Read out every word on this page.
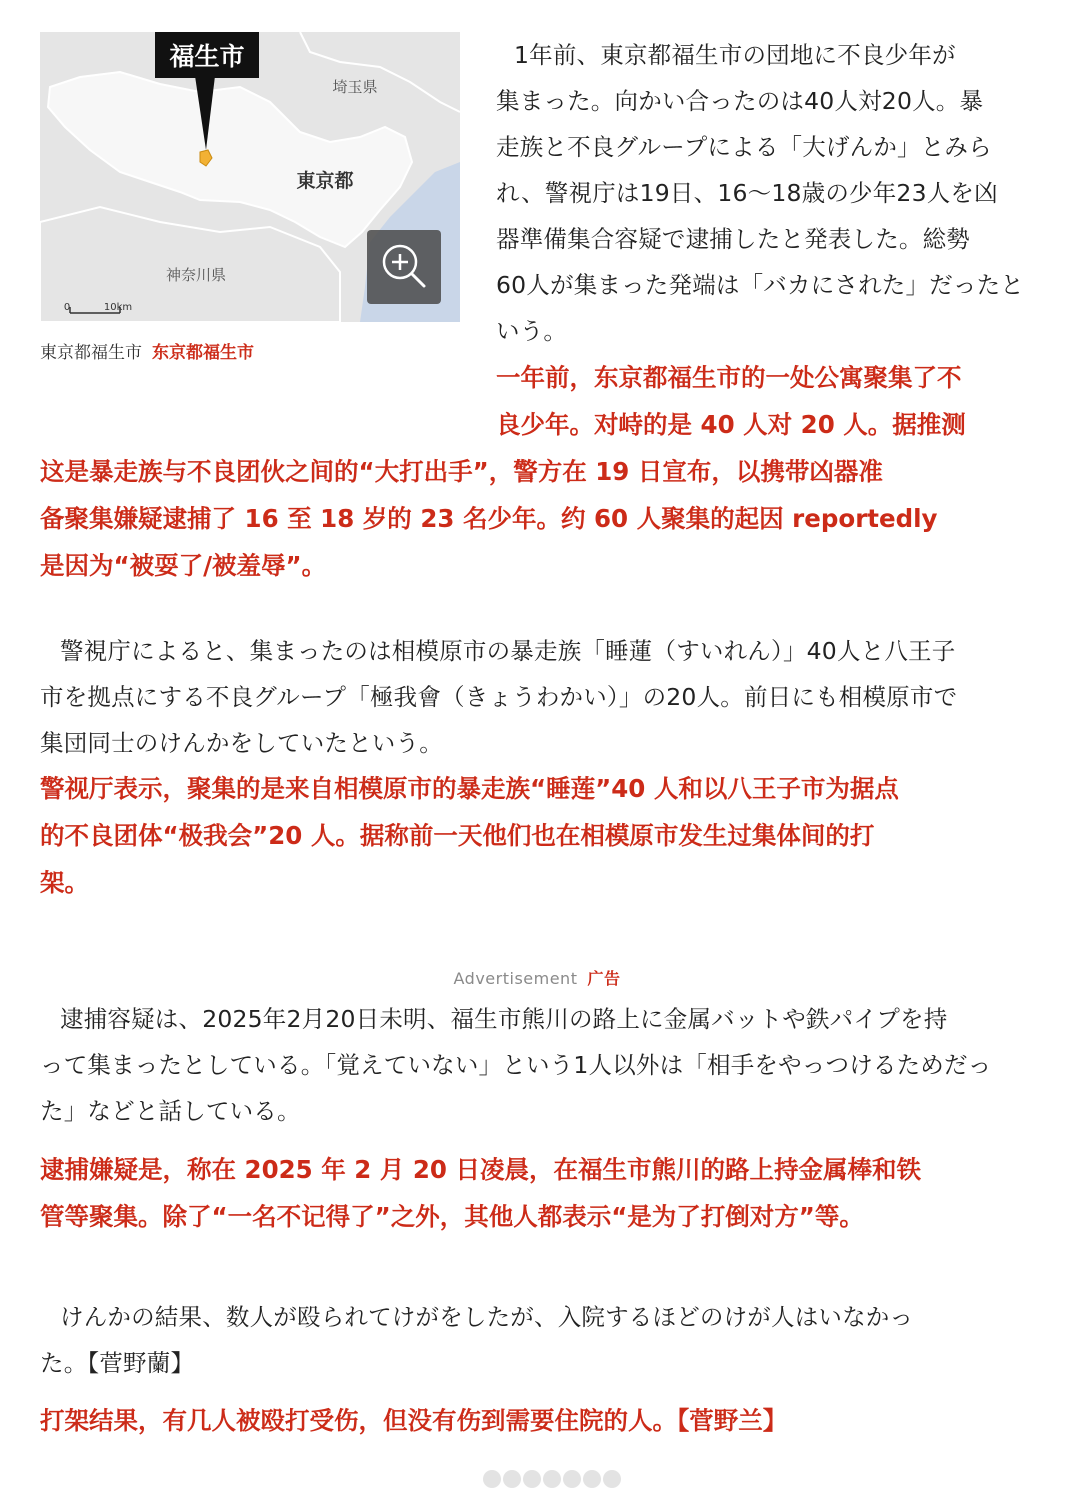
福生市
埼玉県
東京都
神奈川県
0	10km
東京都福生市 东京都福生市

1年前、東京都福生市の団地に不良少年が
集まった。向かい合ったのは40人対20人。暴
走族と不良グループによる「大げんか」とみら
れ、警視庁は19日、16〜18歳の少年23人を凶
器準備集合容疑で逮捕したと発表した。総勢
60人が集まった発端は「バカにされた」だったと
いう。

一年前，东京都福生市的一处公寓聚集了不
良少年。对峙的是 40 人对 20 人。据推测

这是暴走族与不良团伙之间的“大打出手”，警方在 19 日宣布，以携带凶器准
备聚集嫌疑逮捕了 16 至 18 岁的 23 名少年。约 60 人聚集的起因 reportedly
是因为“被耍了/被羞辱”。

警視庁によると、集まったのは相模原市の暴走族「睡蓮（すいれん）」40人と八王子
市を拠点にする不良グループ「極我會（きょうわかい）」の20人。前日にも相模原市で
集団同士のけんかをしていたという。

警视厅表示，聚集的是来自相模原市的暴走族“睡莲”40 人和以八王子市为据点
的不良团体“极我会”20 人。据称前一天他们也在相模原市发生过集体间的打
架。

Advertisement 广告

逮捕容疑は、2025年2月20日未明、福生市熊川の路上に金属バットや鉄パイプを持
って集まったとしている。「覚えていない」という1人以外は「相手をやっつけるためだっ
た」などと話している。

逮捕嫌疑是，称在 2025 年 2 月 20 日凌晨，在福生市熊川的路上持金属棒和铁
管等聚集。除了“一名不记得了”之外，其他人都表示“是为了打倒对方”等。

けんかの結果、数人が殴られてけがをしたが、入院するほどのけが人はいなかっ
た。【菅野蘭】

打架结果，有几人被殴打受伤，但没有伤到需要住院的人。【菅野兰】
